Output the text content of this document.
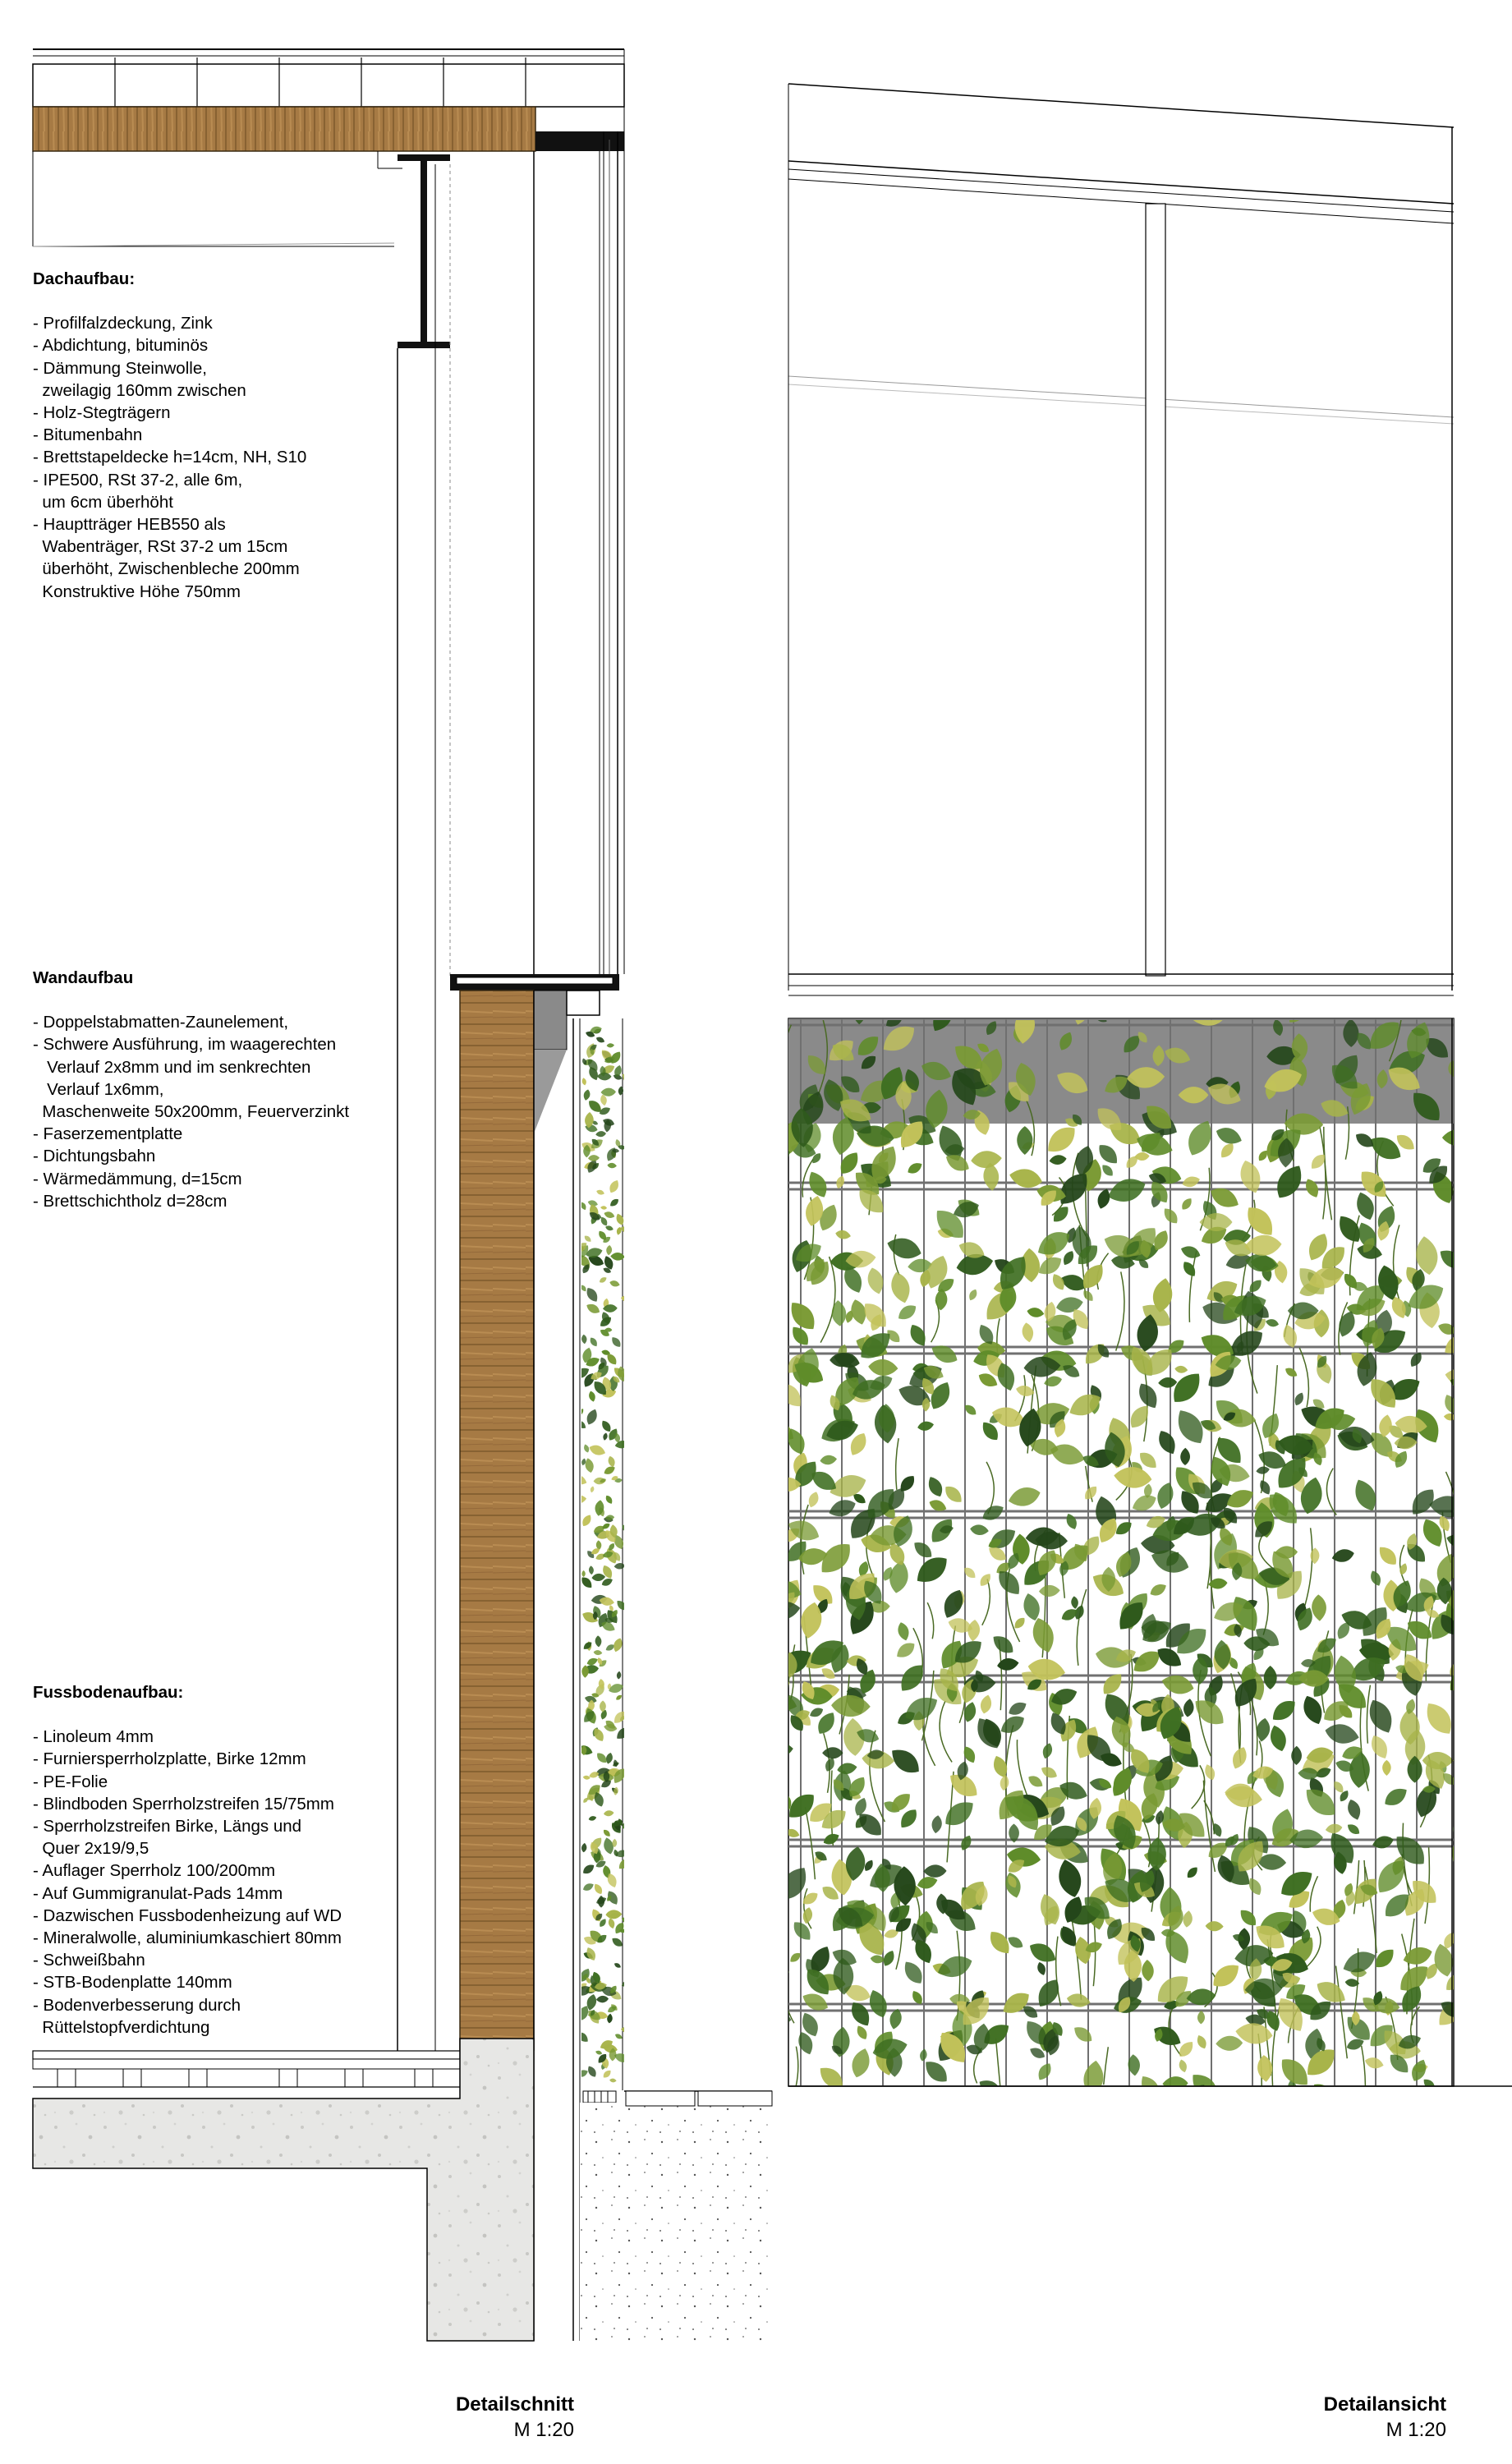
Dachaufbau:
- Profilfalzdeckung, Zink
- Abdichtung, bituminös
- Dämmung Steinwolle,
zweilagig 160mm zwischen
- Holz-Stegträgern
- Bitumenbahn
- Brettstapeldecke h=14cm, NH, S10
- IPE500, RSt 37-2, alle 6m,
um 6cm überhöht
- Hauptträger HEB550 als
Wabenträger, RSt 37-2 um 15cm
überhöht, Zwischenbleche 200mm
Konstruktive Höhe 750mm
Wandaufbau
- Doppelstabmatten-Zaunelement,
- Schwere Ausführung, im waagerechten
Verlauf 2x8mm und im senkrechten
Verlauf 1x6mm,
Maschenweite 50x200mm, Feuerverzinkt
- Faserzementplatte
- Dichtungsbahn
- Wärmedämmung, d=15cm
- Brettschichtholz d=28cm
Fussbodenaufbau:
- Linoleum 4mm
- Furniersperrholzplatte, Birke 12mm
- PE-Folie
- Blindboden Sperrholzstreifen 15/75mm
- Sperrholzstreifen Birke, Längs und
Quer 2x19/9,5
- Auflager Sperrholz 100/200mm
- Auf Gummigranulat-Pads 14mm
- Dazwischen Fussbodenheizung auf WD
- Mineralwolle, aluminiumkaschiert 80mm
- Schweißbahn
- STB-Bodenplatte 140mm
- Bodenverbesserung durch
Rüttelstopfverdichtung
Detailschnitt
M 1:20
Detailansicht
M 1:20
